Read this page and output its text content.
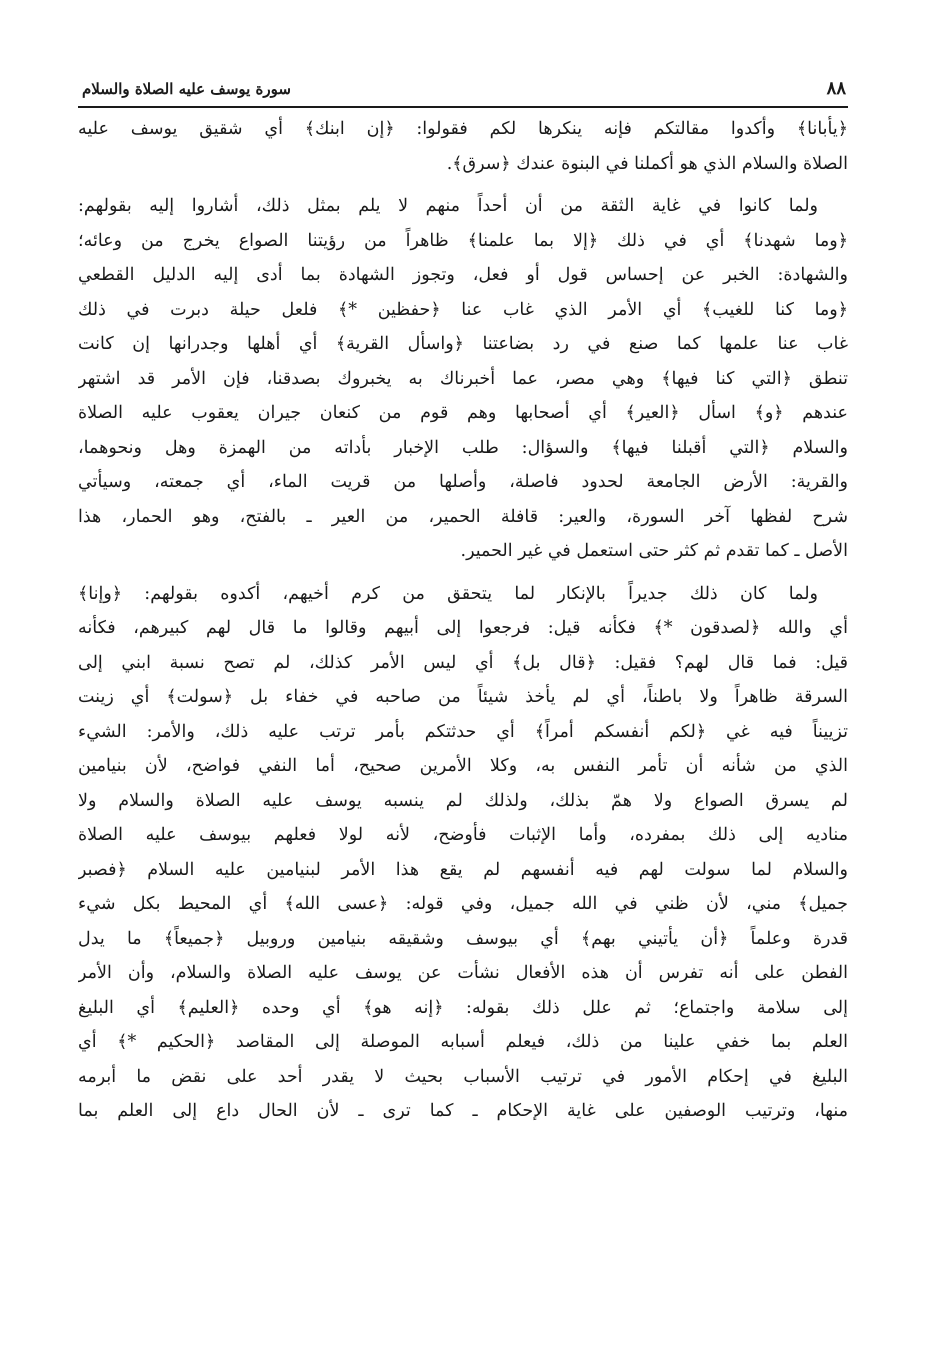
٨٨
سورة يوسف عليه الصلاة والسلام
﴿يأبانا﴾ وأكدوا مقالتكم فإنه ينكرها لكم فقولوا: ﴿إن ابنك﴾ أي شقيق يوسف عليه
الصلاة والسلام الذي هو أكملنا في البنوة عندك ﴿سرق﴾.
ولما كانوا في غاية الثقة من أن أحداً منهم لا يلم بمثل ذلك، أشاروا إليه بقولهم:
﴿وما شهدنا﴾ أي في ذلك ﴿إلا بما علمنا﴾ ظاهراً من رؤيتنا الصواع يخرج من وعائه؛
والشهادة: الخبر عن إحساس قول أو فعل، وتجوز الشهادة بما أدى إليه الدليل القطعي
﴿وما كنا للغيب﴾ أي الأمر الذي غاب عنا ﴿حفظين *﴾ فلعل حيلة دبرت في ذلك
غاب عنا علمها كما صنع في رد بضاعتنا ﴿واسأل القرية﴾ أي أهلها وجدرانها إن كانت
تنطق ﴿التي كنا فيها﴾ وهي مصر، عما أخبرناك به يخبروك بصدقنا، فإن الأمر قد اشتهر
عندهم ﴿و﴾ اسأل ﴿العير﴾ أي أصحابها وهم قوم من كنعان جيران يعقوب عليه الصلاة
والسلام ﴿التي أقبلنا فيها﴾ والسؤال: طلب الإخبار بأداته من الهمزة وهل ونحوهما،
والقرية: الأرض الجامعة لحدود فاصلة، وأصلها من قريت الماء، أي جمعته، وسيأتي
شرح لفظها آخر السورة، والعير: قافلة الحمير، من العير ـ بالفتح، وهو الحمار، هذا
الأصل ـ كما تقدم ثم كثر حتى استعمل في غير الحمير.
ولما كان ذلك جديراً بالإنكار لما يتحقق من كرم أخيهم، أكدوه بقولهم: ﴿وإنا﴾
أي والله ﴿لصدقون *﴾ فكأنه قيل: فرجعوا إلى أبيهم وقالوا ما قال لهم كبيرهم، فكأنه
قيل: فما قال لهم؟ فقيل: ﴿قال بل﴾ أي ليس الأمر كذلك، لم تصح نسبة ابني إلى
السرقة ظاهراً ولا باطناً، أي لم يأخذ شيئاً من صاحبه في خفاء بل ﴿سولت﴾ أي زينت
تزييناً فيه غي ﴿لكم أنفسكم أمراً﴾ أي حدثتكم بأمر ترتب عليه ذلك، والأمر: الشيء
الذي من شأنه أن تأمر النفس به، وكلا الأمرين صحيح، أما النفي فواضح، لأن بنيامين
لم يسرق الصواع ولا همّ بذلك، ولذلك لم ينسبه يوسف عليه الصلاة والسلام ولا
مناديه إلى ذلك بمفرده، وأما الإثبات فأوضح، لأنه لولا فعلهم بيوسف عليه الصلاة
والسلام لما سولت لهم فيه أنفسهم لم يقع هذا الأمر لبنيامين عليه السلام ﴿فصبر
جميل﴾ مني، لأن ظني في الله جميل، وفي قوله: ﴿عسى الله﴾ أي المحيط بكل شيء
قدرة وعلماً ﴿أن يأتيني بهم﴾ أي بيوسف وشقيقه بنيامين وروبيل ﴿جميعاً﴾ ما يدل
الفطن على أنه تفرس أن هذه الأفعال نشأت عن يوسف عليه الصلاة والسلام، وأن الأمر
إلى سلامة واجتماع؛ ثم علل ذلك بقوله: ﴿إنه هو﴾ أي وحده ﴿العليم﴾ أي البليغ
العلم بما خفي علينا من ذلك، فيعلم أسبابه الموصلة إلى المقاصد ﴿الحكيم *﴾ أي
البليغ في إحكام الأمور في ترتيب الأسباب بحيث لا يقدر أحد على نقض ما أبرمه
منها، وترتيب الوصفين على غاية الإحكام ـ كما ترى ـ لأن الحال داع إلى العلم بما
